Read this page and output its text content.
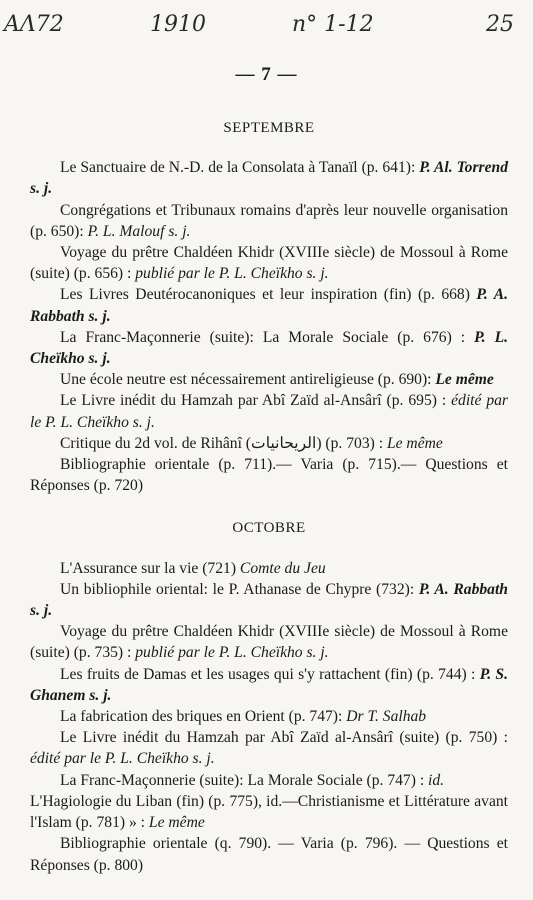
ΑΛ72	1910	n° 1-12	25
— 7 —

SEPTEMBRE

Le Sanctuaire de N.-D. de la Consolata à Tanaïl (p. 641): P. Al. Torrend s. j.

Congrégations et Tribunaux romains d'après leur nouvelle organisation (p. 650): P. L. Malouf s. j.

Voyage du prêtre Chaldéen Khidr (XVIIIe siècle) de Mossoul à Rome (suite) (p. 656) : publié par le P. L. Cheïkho s. j.

Les Livres Deutérocanoniques et leur inspiration (fin) (p. 668) P. A. Rabbath s. j.

La Franc-Maçonnerie (suite): La Morale Sociale (p. 676) : P. L. Cheïkho s. j.

Une école neutre est nécessairement antireligieuse (p. 690): Le même

Le Livre inédit du Hamzah par Abî Zaïd al-Ansârî (p. 695) : édité par le P. L. Cheïkho s. j.

Critique du 2d vol. de Rihânî (الريحانيات) (p. 703) : Le même

Bibliographie orientale (p. 711).— Varia (p. 715).— Questions et Réponses (p. 720)

OCTOBRE

L'Assurance sur la vie (721) Comte du Jeu

Un bibliophile oriental: le P. Athanase de Chypre (732): P. A. Rabbath s. j.

Voyage du prêtre Chaldéen Khidr (XVIIIe siècle) de Mossoul à Rome (suite) (p. 735) : publié par le P. L. Cheïkho s. j.

Les fruits de Damas et les usages qui s'y rattachent (fin) (p. 744) : P. S. Ghanem s. j.

La fabrication des briques en Orient (p. 747): Dr T. Salhab

Le Livre inédit du Hamzah par Abî Zaïd al-Ansârî (suite) (p. 750) : édité par le P. L. Cheïkho s. j.

La Franc-Maçonnerie (suite): La Morale Sociale (p. 747) : id.

L'Hagiologie du Liban (fin) (p. 775), id.—Christianisme et Littérature avant l'Islam (p. 781) » : Le même

Bibliographie orientale (q. 790). — Varia (p. 796). — Questions et Réponses (p. 800)
